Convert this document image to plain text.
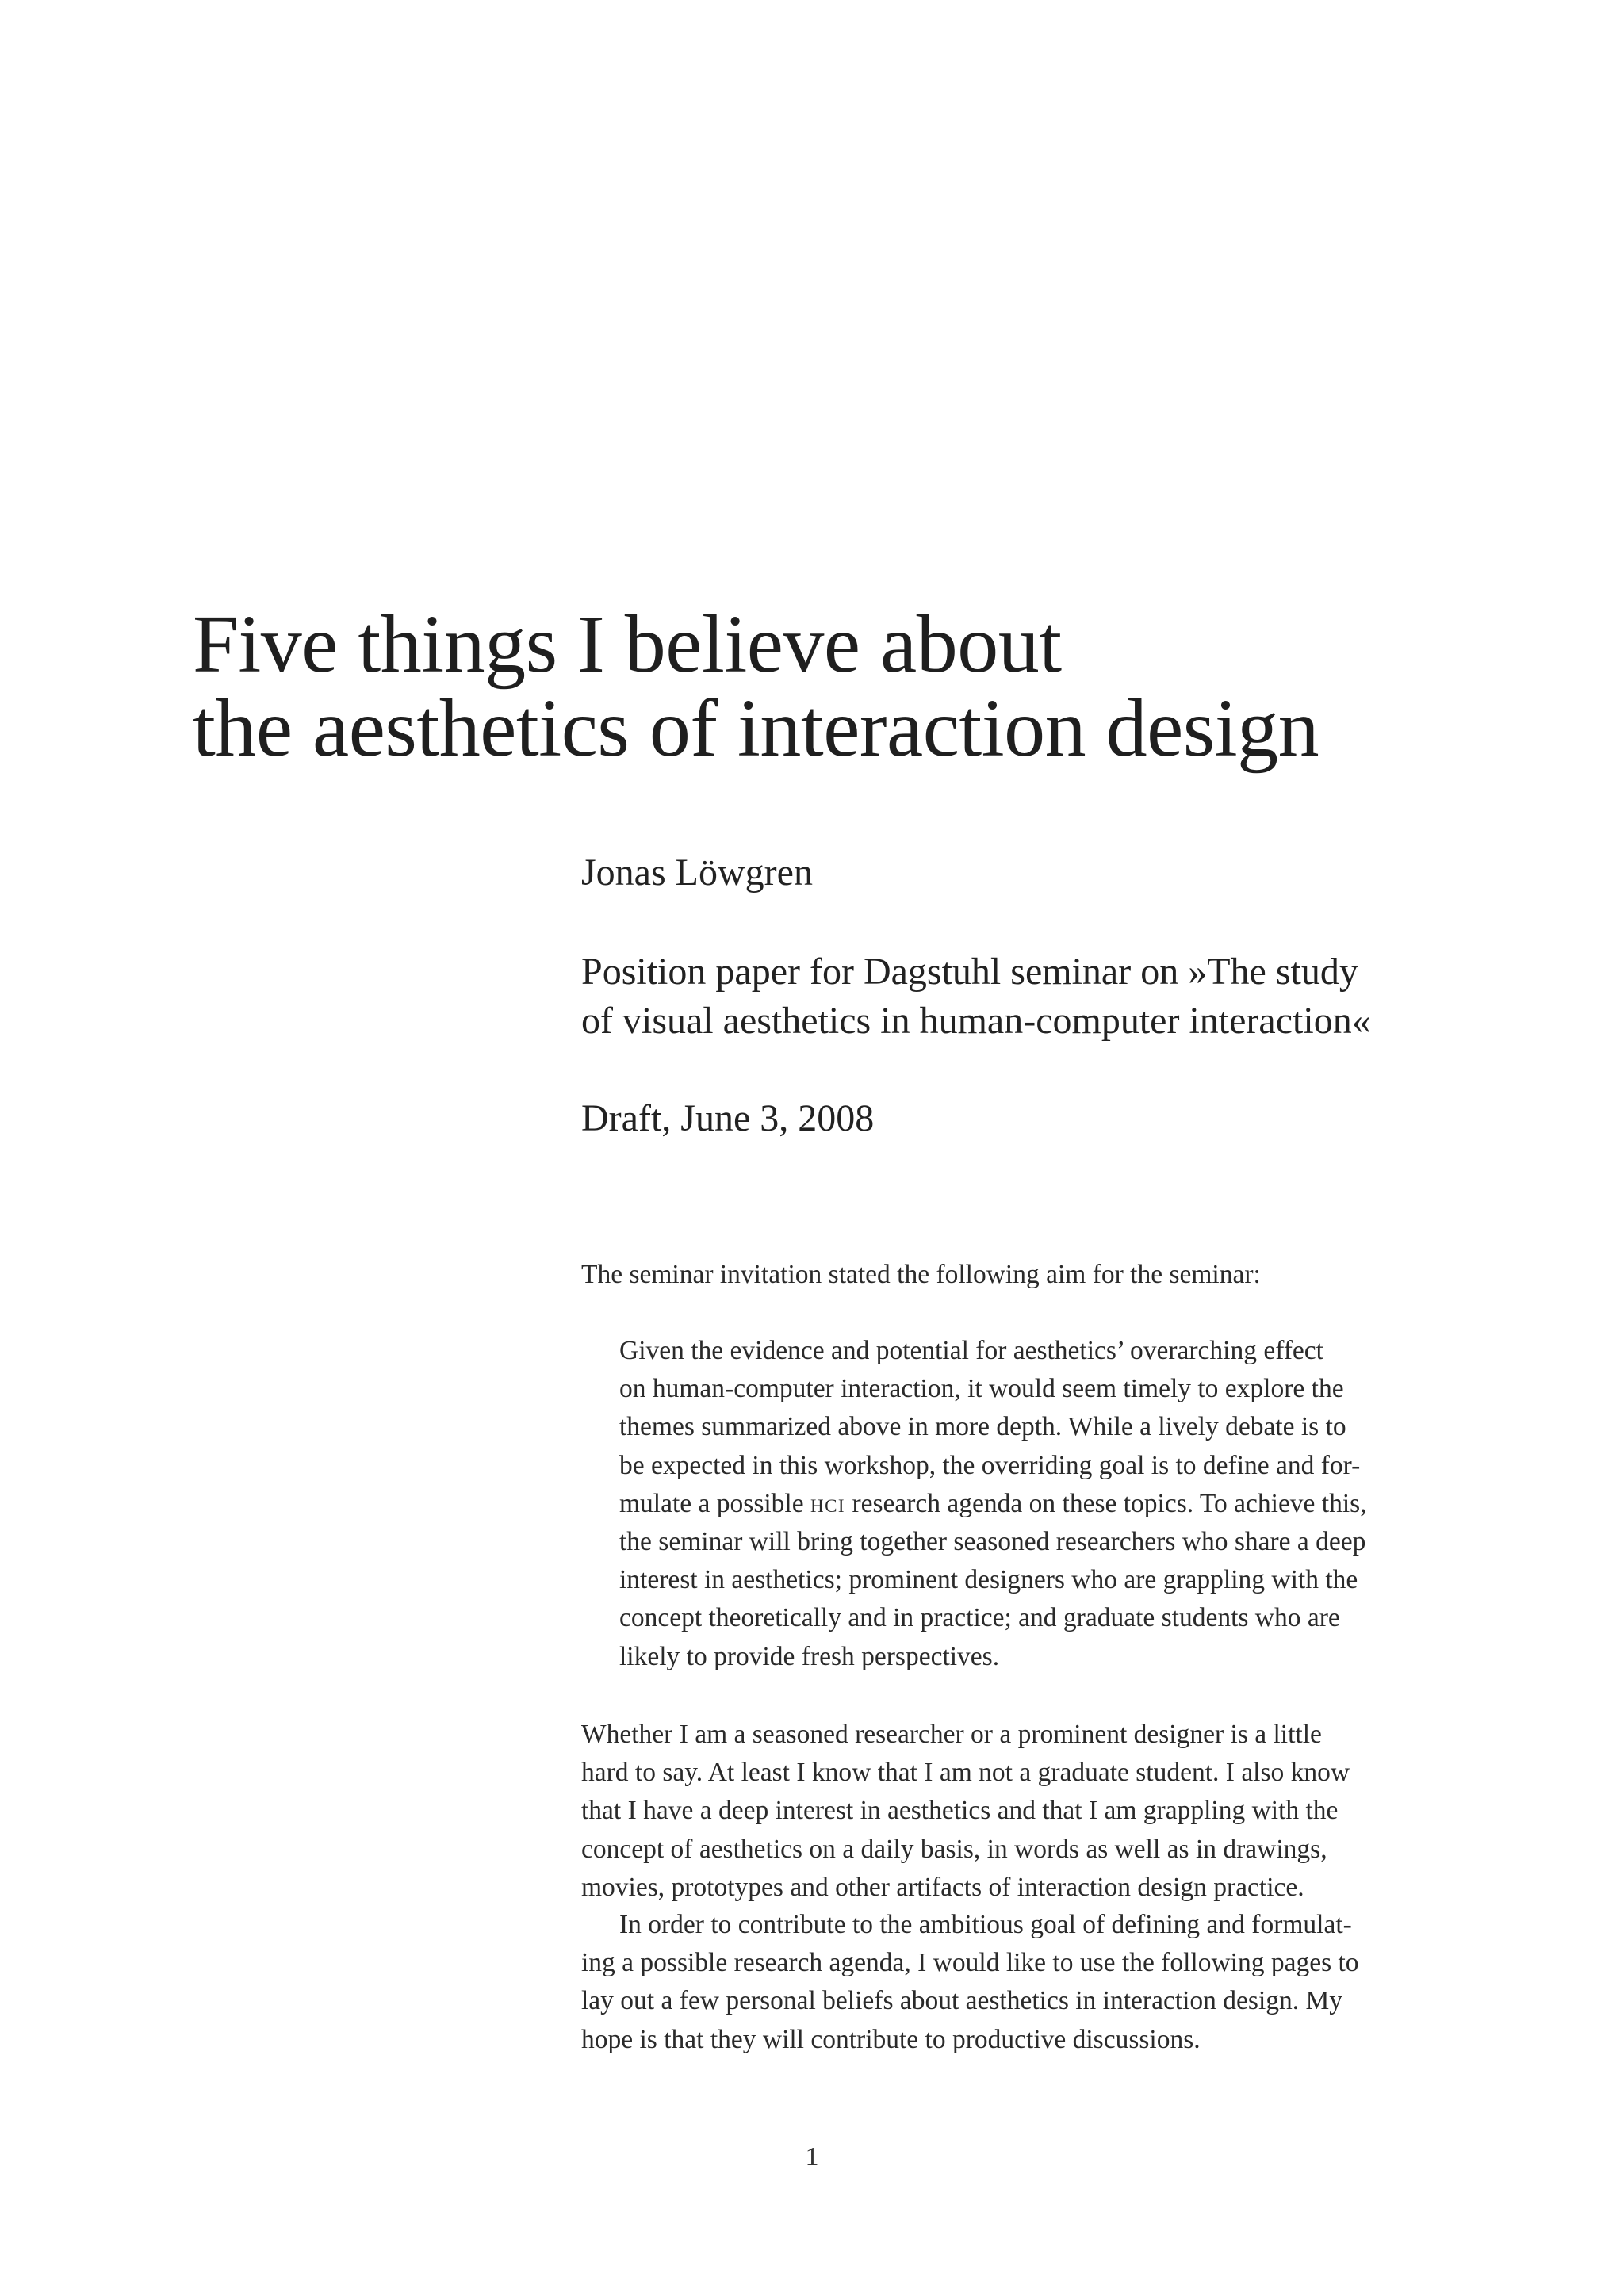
Five things I believe about
the aesthetics of interaction design

Jonas Löwgren

Position paper for Dagstuhl seminar on »The study
of visual aesthetics in human-computer interaction«

Draft, June 3, 2008

The seminar invitation stated the following aim for the seminar:

Given the evidence and potential for aesthetics’ overarching effect
on human-computer interaction, it would seem timely to explore the
themes summarized above in more depth. While a lively debate is to
be expected in this workshop, the overriding goal is to define and for-
mulate a possible hci research agenda on these topics. To achieve this,
the seminar will bring together seasoned researchers who share a deep
interest in aesthetics; prominent designers who are grappling with the
concept theoretically and in practice; and graduate students who are
likely to provide fresh perspectives.

Whether I am a seasoned researcher or a prominent designer is a little
hard to say. At least I know that I am not a graduate student. I also know
that I have a deep interest in aesthetics and that I am grappling with the
concept of aesthetics on a daily basis, in words as well as in drawings,
movies, prototypes and other artifacts of interaction design practice.

In order to contribute to the ambitious goal of defining and formulat-
ing a possible research agenda, I would like to use the following pages to
lay out a few personal beliefs about aesthetics in interaction design. My
hope is that they will contribute to productive discussions.

1
